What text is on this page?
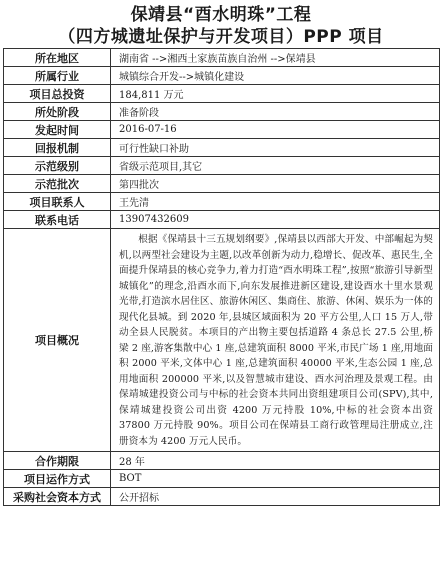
保靖县“酉水明珠”工程
（四方城遗址保护与开发项目）PPP 项目
所在地区	湖南省 -->湘西土家族苗族自治州 -->保靖县
所属行业	城镇综合开发-->城镇化建设
项目总投资	184,811 万元
所处阶段	准备阶段
发起时间	2016-07-16
回报机制	可行性缺口补助
示范级别	省级示范项目,其它
示范批次	第四批次
项目联系人	王先清
联系电话	13907432609
项目概况	根据《保靖县十三五规划纲要》,保靖县以西部大开发、中部崛起为契机,以两型社会建设为主题,以改革创新为动力,稳增长、促改革、惠民生,全面提升保靖县的核心竞争力,着力打造“酉水明珠工程”,按照“旅游引导新型城镇化”的理念,沿酉水而下,向东发展推进新区建设,建设酉水十里水景观光带,打造滨水居住区、旅游休闲区、集商住、旅游、休闲、娱乐为一体的现代化县城。到 2020 年,县城区域面积为 20 平方公里,人口 15 万人,带动全县人民脱贫。本项目的产出物主要包括道路 4 条总长 27.5 公里,桥梁 2 座,游客集散中心 1 座,总建筑面积 8000 平米,市民广场 1 座,用地面积 2000 平米,文体中心 1 座,总建筑面积 40000 平米,生态公园 1 座,总用地面积 200000 平米,以及智慧城市建设、酉水河治理及景观工程。由保靖城建投资公司与中标的社会资本共同出资组建项目公司(SPV),其中,保靖城建投资公司出资 4200 万元持股 10%,中标的社会资本出资 37800 万元持股 90%。项目公司在保靖县工商行政管理局注册成立,注册资本为 4200 万元人民币。
合作期限	28 年
项目运作方式	BOT
采购社会资本方式	公开招标
